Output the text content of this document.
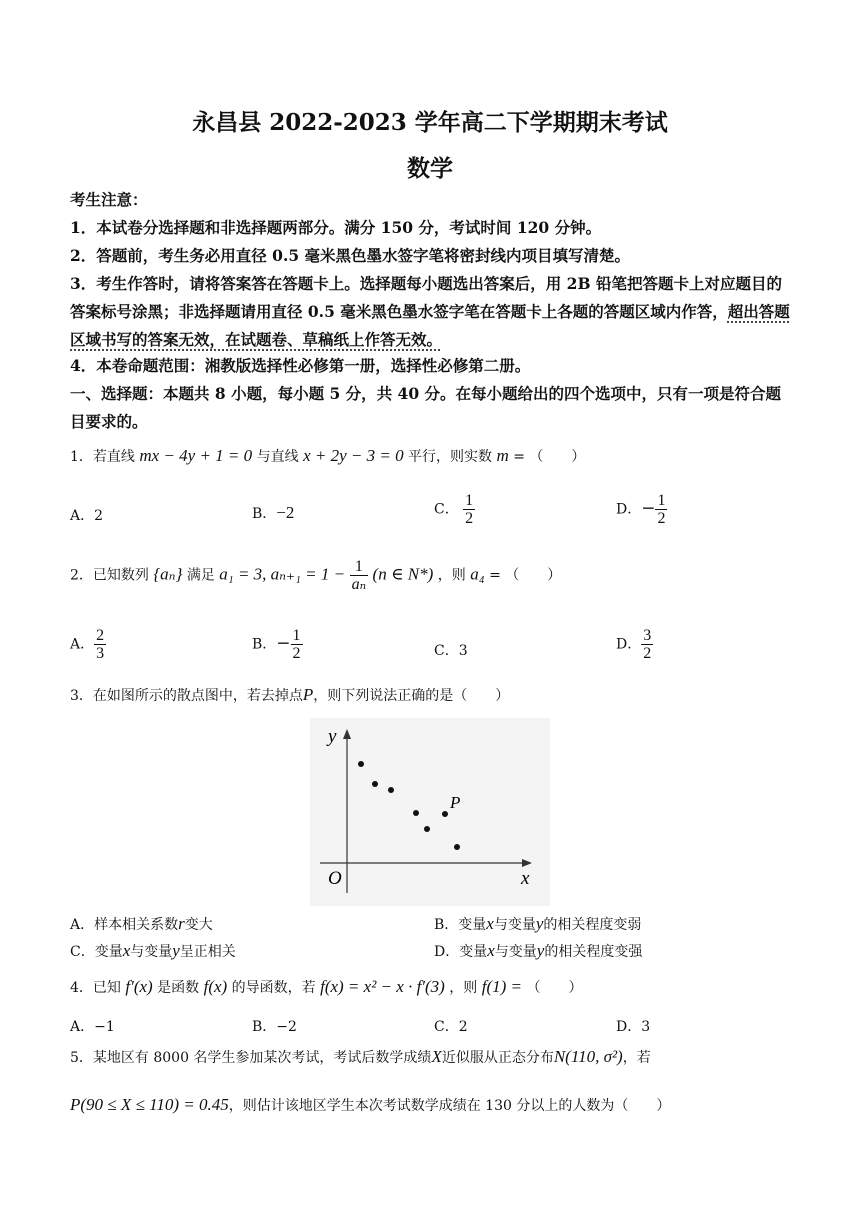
永昌县 2022-2023 学年高二下学期期末考试
数学
考生注意：
1．本试卷分选择题和非选择题两部分。满分 150 分，考试时间 120 分钟。
2．答题前，考生务必用直径 0.5 毫米黑色墨水签字笔将密封线内项目填写清楚。
3．考生作答时，请将答案答在答题卡上。选择题每小题选出答案后，用 2B 铅笔把答题卡上对应题目的答案标号涂黑；非选择题请用直径 0.5 毫米黑色墨水签字笔在答题卡上各题的答题区域内作答，超出答题区域书写的答案无效，在试题卷、草稿纸上作答无效。
4．本卷命题范围：湘教版选择性必修第一册，选择性必修第二册。
一、选择题：本题共 8 小题，每小题 5 分，共 40 分。在每小题给出的四个选项中，只有一项是符合题目要求的。
1．若直线 mx − 4y + 1 = 0 与直线 x + 2y − 3 = 0 平行，则实数 m = （　　）
A．2	B．−2	C． $\frac{1}{2}$	D．− $\frac{1}{2}$
2．已知数列 {aₙ} 满足 a₁ = 3, $a_{n+1} = 1 - \frac{1}{\text{aₙ}} (n$ ∈ N*) ，则 a₄ = （　　）
A． $\frac{2}{3}$	B．− $\frac{1}{2}$	C．3	D． $\frac{3}{2}$
3．在如图所示的散点图中，若去掉点P，则下列说法正确的是（　　）
x
y
O
P
A．样本相关系数r变大	B．变量x与变量y的相关程度变弱
C．变量x与变量y呈正相关	D．变量x与变量y的相关程度变强
4．已知 f′(x) 是函数 f(x) 的导函数，若 f(x) = x² − x · f′(3) ，则 f(1) = （　　）
A．−1	B．−2	C．2	D．3
5．某地区有 8000 名学生参加某次考试，考试后数学成绩X近似服从正态分布N(110, σ²)，若
P(90 ≤ X ≤ 110) = 0.45，则估计该地区学生本次考试数学成绩在 130 分以上的人数为（　　）
